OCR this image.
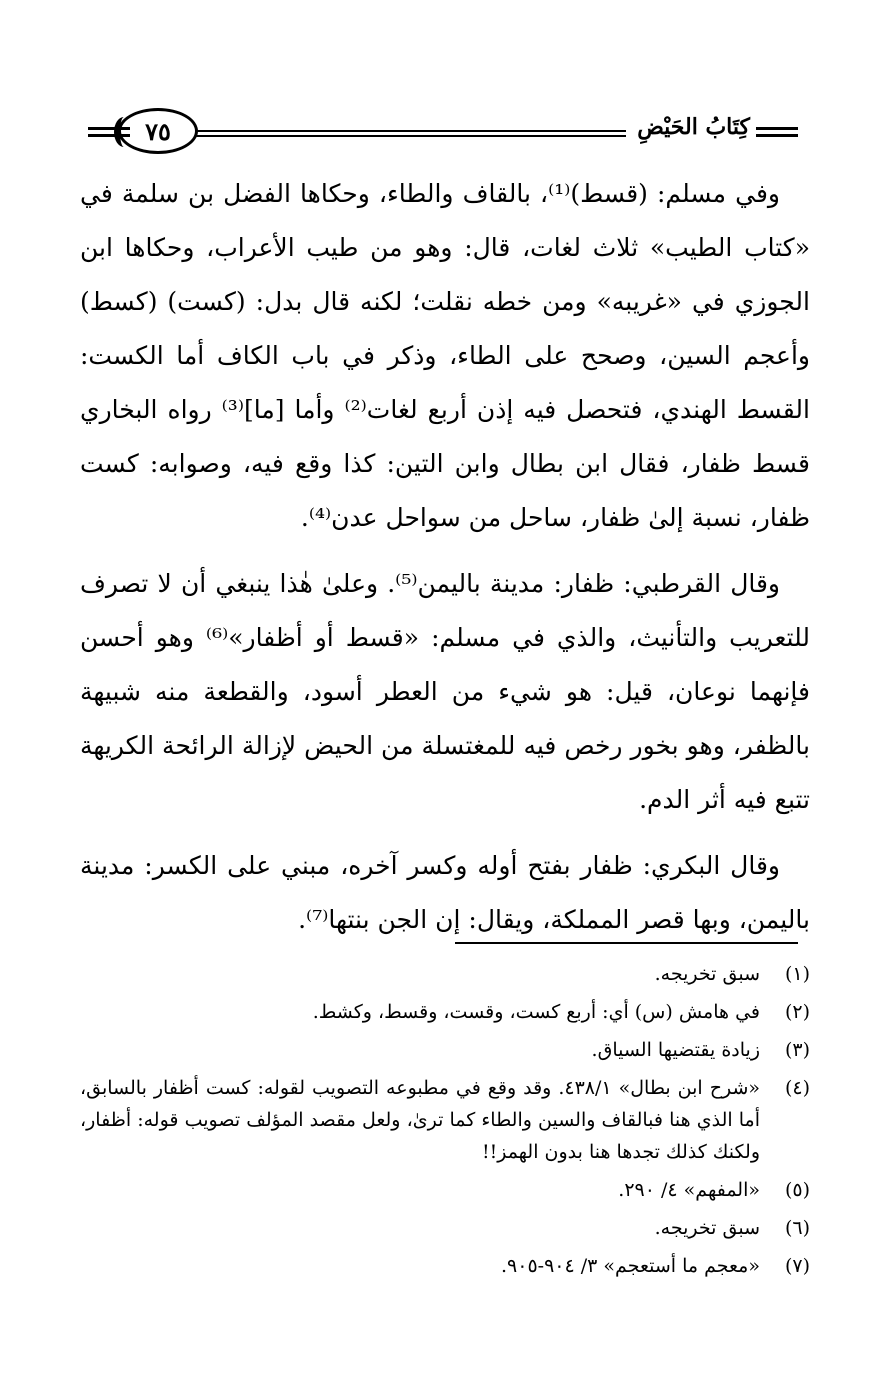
٧٥	كِتَابُ الحَيْضِ

وفي مسلم: (قسط)⁽¹⁾، بالقاف والطاء، وحكاها الفضل بن سلمة في «كتاب الطيب» ثلاث لغات، قال: وهو من طيب الأعراب، وحكاها ابن الجوزي في «غريبه» ومن خطه نقلت؛ لكنه قال بدل: (كست) (كسط) وأعجم السين، وصحح على الطاء، وذكر في باب الكاف أما الكست: القسط الهندي، فتحصل فيه إذن أربع لغات⁽²⁾ وأما [ما]⁽³⁾ رواه البخاري قسط ظفار، فقال ابن بطال وابن التين: كذا وقع فيه، وصوابه: كست ظفار، نسبة إلىٰ ظفار، ساحل من سواحل عدن⁽⁴⁾.

وقال القرطبي: ظفار: مدينة باليمن⁽⁵⁾. وعلىٰ هٰذا ينبغي أن لا تصرف للتعريب والتأنيث، والذي في مسلم: «قسط أو أظفار»⁽⁶⁾ وهو أحسن فإنهما نوعان، قيل: هو شيء من العطر أسود، والقطعة منه شبيهة بالظفر، وهو بخور رخص فيه للمغتسلة من الحيض لإزالة الرائحة الكريهة تتبع فيه أثر الدم.

وقال البكري: ظفار بفتح أوله وكسر آخره، مبني على الكسر: مدينة باليمن، وبها قصر المملكة، ويقال: إن الجن بنتها⁽⁷⁾.

(١)
سبق تخريجه.
(٢)
في هامش (س) أي: أربع كست، وقست، وقسط، وكشط.
(٣)
زيادة يقتضيها السياق.
(٤)
«شرح ابن بطال» ٤٣٨/١. وقد وقع في مطبوعه التصويب لقوله: كست أظفار بالسابق، أما الذي هنا فبالقاف والسين والطاء كما ترىٰ، ولعل مقصد المؤلف تصويب قوله: أظفار، ولكنك كذلك تجدها هنا بدون الهمز!!
(٥)
«المفهم» ٤/ ٢٩٠.
(٦)
سبق تخريجه.
(٧)
«معجم ما أستعجم» ٣/ ٩٠٤-٩٠٥.
